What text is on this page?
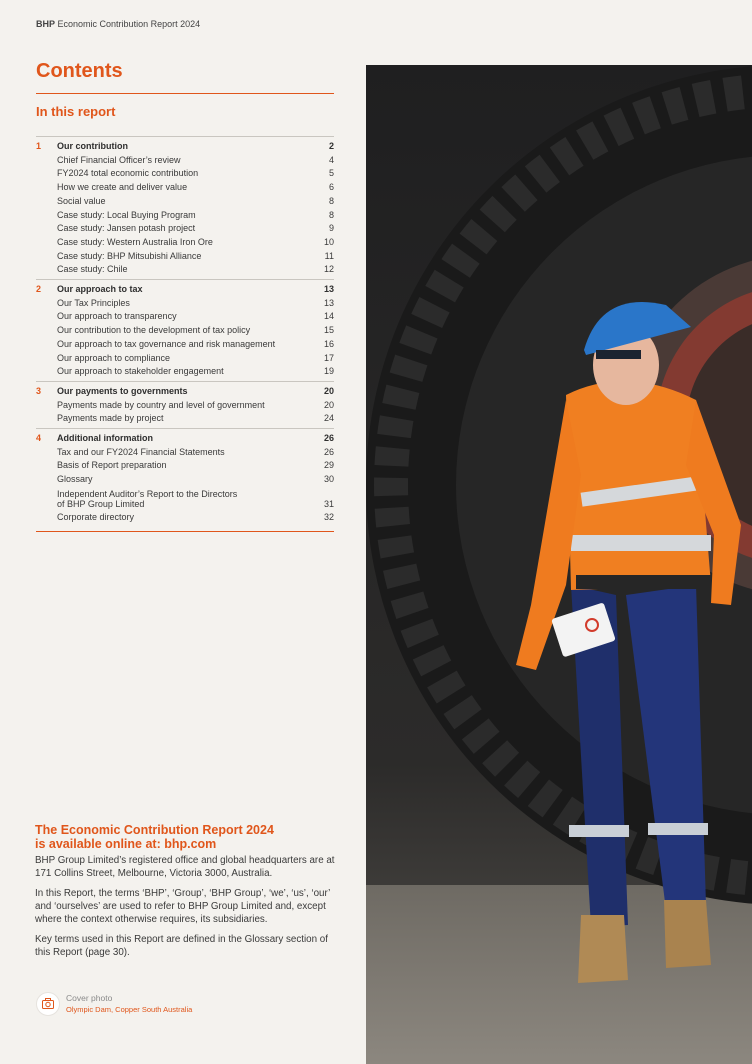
BHP Economic Contribution Report 2024
Contents
In this report
1 Our contribution	2
Chief Financial Officer’s review	4
FY2024 total economic contribution	5
How we create and deliver value	6
Social value	8
Case study: Local Buying Program	8
Case study: Jansen potash project	9
Case study: Western Australia Iron Ore	10
Case study: BHP Mitsubishi Alliance	11
Case study: Chile	12
2 Our approach to tax	13
Our Tax Principles	13
Our approach to transparency	14
Our contribution to the development of tax policy	15
Our approach to tax governance and risk management	16
Our approach to compliance	17
Our approach to stakeholder engagement	19
3 Our payments to governments	20
Payments made by country and level of government	20
Payments made by project	24
4 Additional information	26
Tax and our FY2024 Financial Statements	26
Basis of Report preparation	29
Glossary	30
Independent Auditor’s Report to the Directors
of BHP Group Limited	31
Corporate directory	32
The Economic Contribution Report 2024
is available online at: bhp.com
BHP Group Limited’s registered office and global headquarters are at 171 Collins Street, Melbourne, Victoria 3000, Australia.
In this Report, the terms ‘BHP’, ‘Group’, ‘BHP Group’, ‘we’, ‘us’, ‘our’ and ‘ourselves’ are used to refer to BHP Group Limited and, except where the context otherwise requires, its subsidiaries.
Key terms used in this Report are defined in the Glossary section of this Report (page 30).
Cover photo
Olympic Dam, Copper South Australia
